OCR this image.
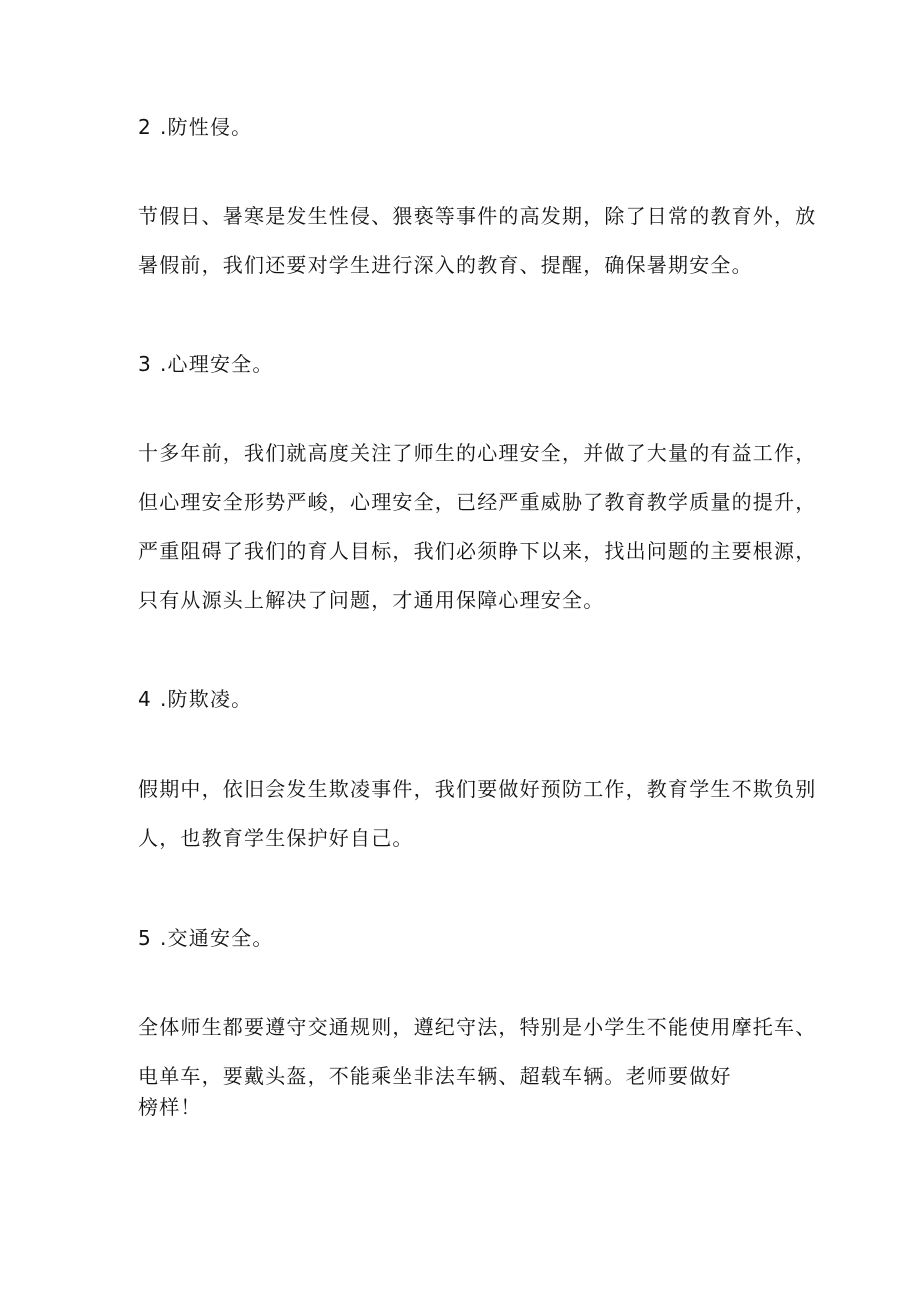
2 .防性侵。
节假日、暑寒是发生性侵、猥亵等事件的高发期，除了日常的教育外，放
暑假前，我们还要对学生进行深入的教育、提醒，确保暑期安全。
3 .心理安全。
十多年前，我们就高度关注了师生的心理安全，并做了大量的有益工作，
但心理安全形势严峻，心理安全，已经严重威胁了教育教学质量的提升，
严重阻碍了我们的育人目标，我们必须睁下以来，找出问题的主要根源，
只有从源头上解决了问题，才通用保障心理安全。
4 .防欺凌。
假期中，依旧会发生欺凌事件，我们要做好预防工作，教育学生不欺负别
人，也教育学生保护好自己。
5 .交通安全。
全体师生都要遵守交通规则，遵纪守法，特别是小学生不能使用摩托车、
电单车，要戴头盔，不能乘坐非法车辆、超载车辆。老师要做好
榜样！
